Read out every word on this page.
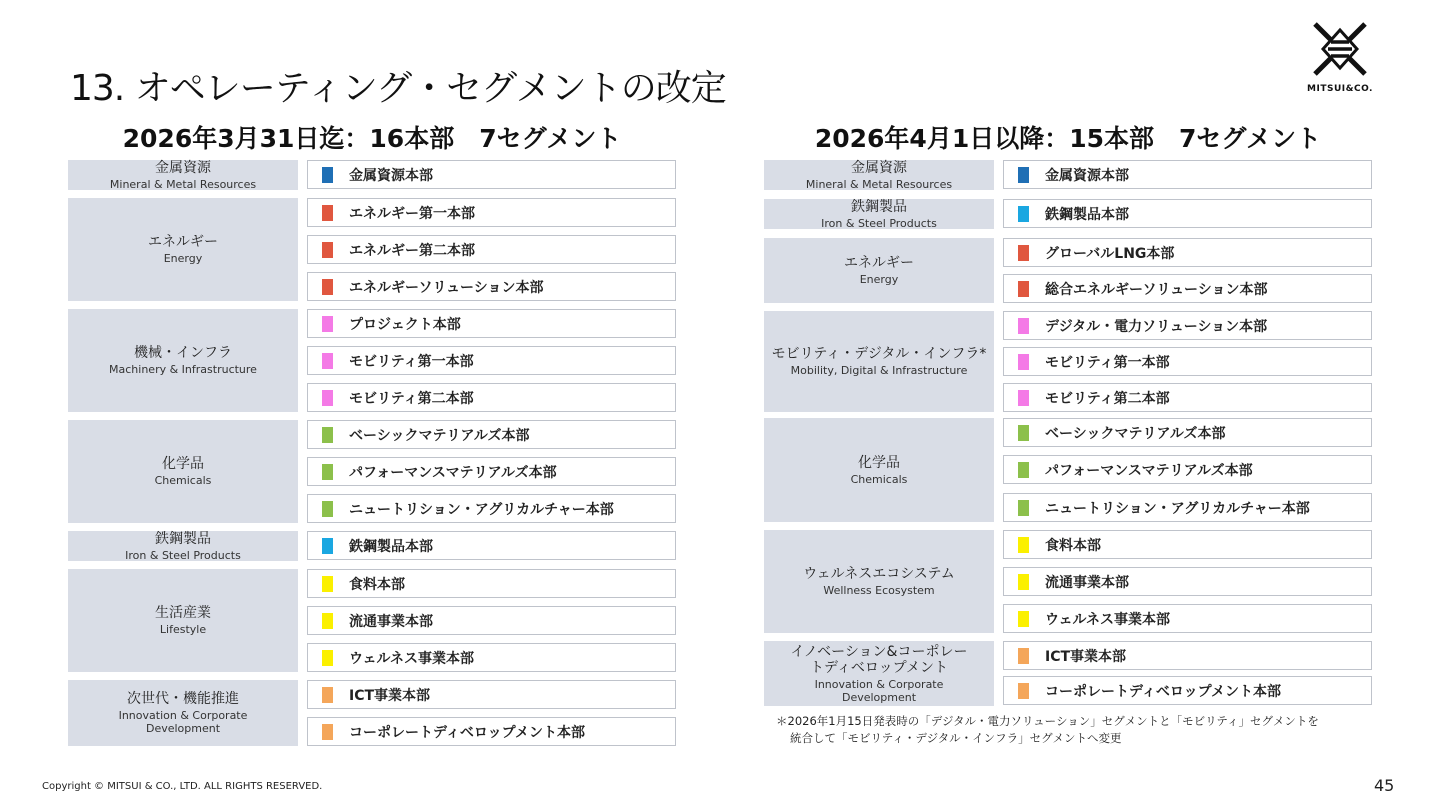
13. オペレーティング・セグメントの改定	MITSUI&CO.
2026年3月31日迄：16本部　7セグメント
金属資源
Mineral & Metal Resources
エネルギー
Energy
機械・インフラ
Machinery & Infrastructure
化学品
Chemicals
鉄鋼製品
Iron & Steel Products
生活産業
Lifestyle
次世代・機能推進
Innovation & Corporate Development
金属資源本部
エネルギー第一本部
エネルギー第二本部
エネルギーソリューション本部
プロジェクト本部
モビリティ第一本部
モビリティ第二本部
ベーシックマテリアルズ本部
パフォーマンスマテリアルズ本部
ニュートリション・アグリカルチャー本部
鉄鋼製品本部
食料本部
流通事業本部
ウェルネス事業本部
ICT事業本部
コーポレートディベロップメント本部
2026年4月1日以降：15本部　7セグメント
金属資源
Mineral & Metal Resources
鉄鋼製品
Iron & Steel Products
エネルギー
Energy
モビリティ・デジタル・インフラ*
Mobility, Digital & Infrastructure
化学品
Chemicals
ウェルネスエコシステム
Wellness Ecosystem
イノベーション&コーポレートディベロップメント
Innovation & Corporate Development
金属資源本部
鉄鋼製品本部
グローバルLNG本部
総合エネルギーソリューション本部
デジタル・電力ソリューション本部
モビリティ第一本部
モビリティ第二本部
ベーシックマテリアルズ本部
パフォーマンスマテリアルズ本部
ニュートリション・アグリカルチャー本部
食料本部
流通事業本部
ウェルネス事業本部
ICT事業本部
コーポレートディベロップメント本部
＊2026年1月15日発表時の「デジタル・電力ソリューション」セグメントと「モビリティ」セグメントを
統合して「モビリティ・デジタル・インフラ」セグメントへ変更
Copyright © MITSUI & CO., LTD. ALL RIGHTS RESERVED.	45
